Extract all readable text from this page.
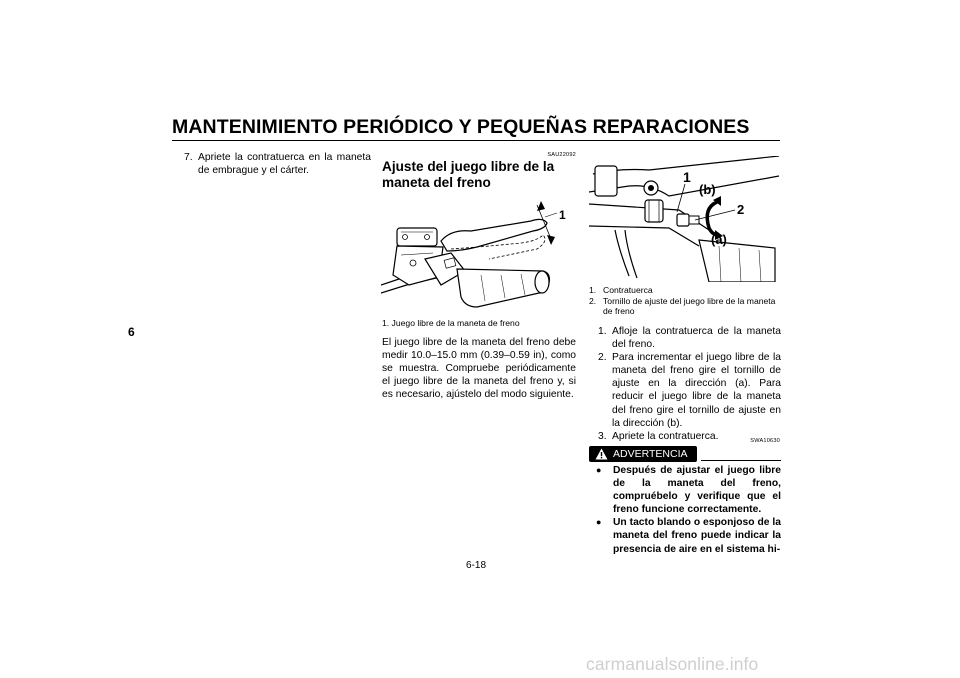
MANTENIMIENTO PERIÓDICO Y PEQUEÑAS REPARACIONES
6
7. Apriete la contratuerca en la maneta de embrague y el cárter.
SAU22092
Ajuste del juego libre de la maneta del freno
1
1. Juego libre de la maneta de freno
El juego libre de la maneta del freno debe medir 10.0–15.0 mm (0.39–0.59 in), como se muestra. Compruebe periódicamente el juego libre de la maneta del freno y, si es necesario, ajústelo del modo siguiente.
1
(b)
2
(a)
1. Contratuerca
2. Tornillo de ajuste del juego libre de la maneta de freno
1. Afloje la contratuerca de la maneta del freno.
2. Para incrementar el juego libre de la maneta del freno gire el tornillo de ajuste en la dirección (a). Para reducir el juego libre de la maneta del freno gire el tornillo de ajuste en la dirección (b).
3. Apriete la contratuerca.	SWA10630
ADVERTENCIA
● Después de ajustar el juego libre de la maneta del freno, compruébelo y verifique que el freno funcione correctamente.
● Un tacto blando o esponjoso de la maneta del freno puede indicar la presencia de aire en el sistema hi-
6-18
carmanualsonline.info
